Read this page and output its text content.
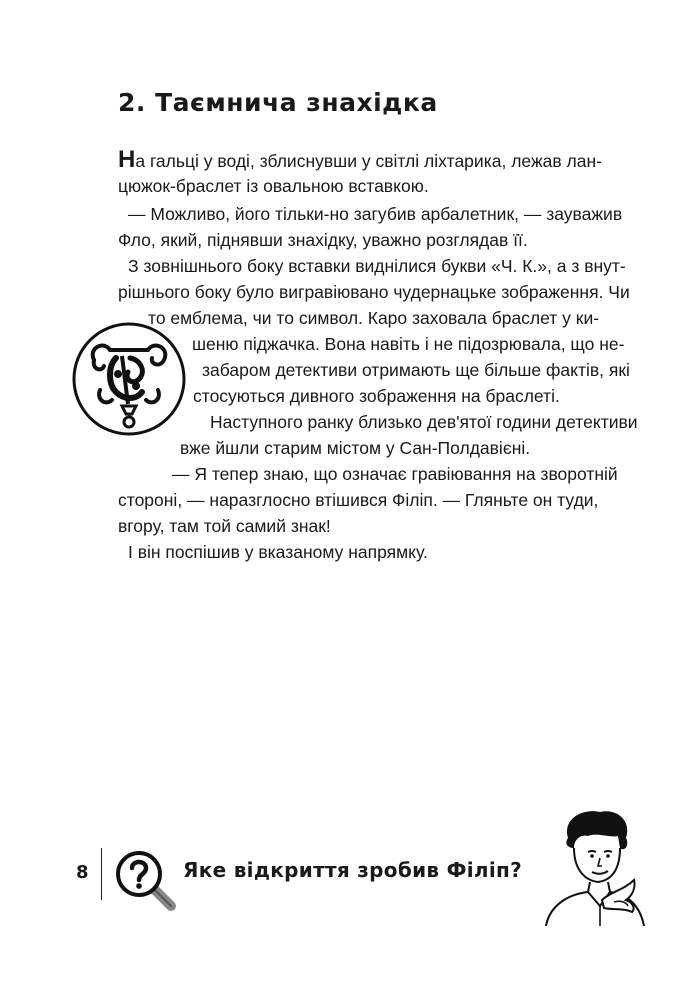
2. Таємнича знахідка

На гальці у воді, зблиснувши у світлі ліхтарика, лежав лан-

цюжок-браслет із овальною вставкою.

— Можливо, його тільки-но загубив арбалетник, — зауважив

Фло, який, піднявши знахідку, уважно розглядав її.

З зовнішнього боку вставки виднілися букви «Ч. К.», а з внут-

рішнього боку було вигравіювано чудернацьке зображення. Чи

то емблема, чи то символ. Каро заховала браслет у ки-

шеню піджачка. Вона навіть і не підозрювала, що не-

забаром детективи отримають ще більше фактів, які

стосуються дивного зображення на браслеті.

Наступного ранку близько дев'ятої години детективи

вже йшли старим містом у Сан-Полдавієні.

— Я тепер знаю, що означає гравіювання на зворотній

стороні, — наразглосно втішився Філіп. — Гляньте он туди,

вгору, там той самий знак!

І він поспішив у вказаному напрямку.

8	Яке відкриття зробив Філіп?
